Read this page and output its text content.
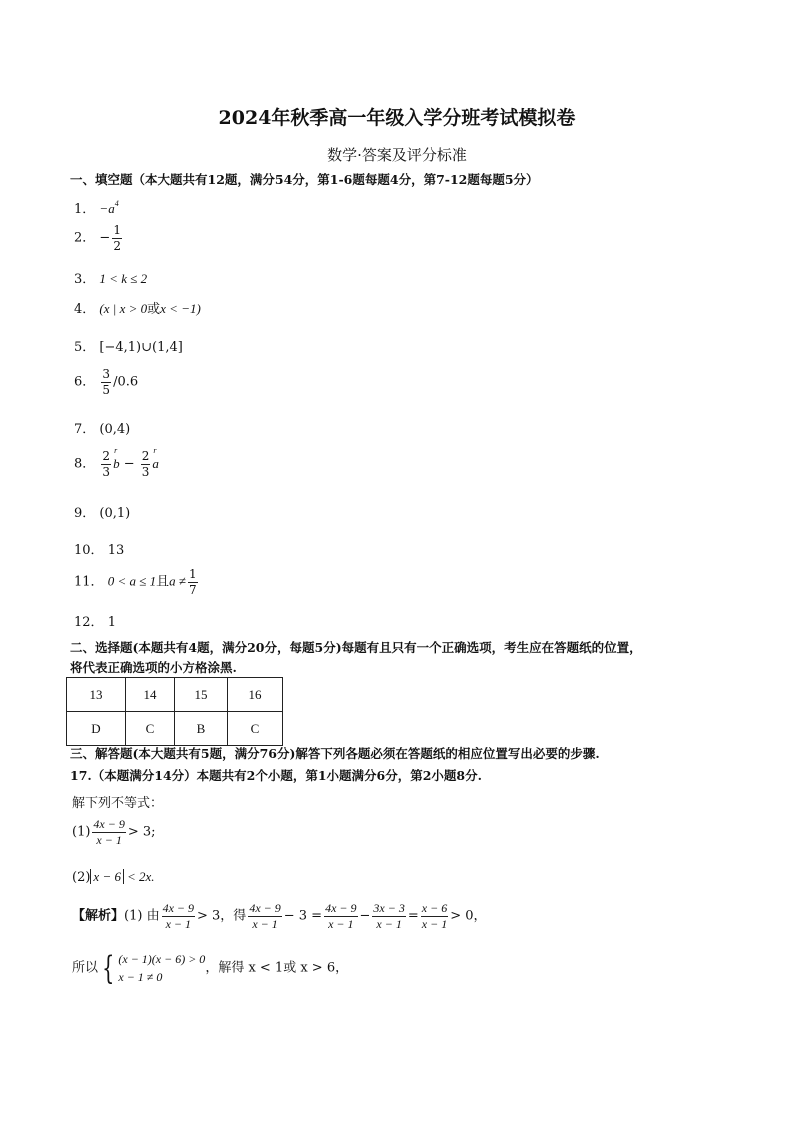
2024年秋季高一年级入学分班考试模拟卷
数学·答案及评分标准
一、填空题（本大题共有12题，满分54分，第1-6题每题4分，第7-12题每题5分）
1． $-a^4$
2． − $\frac{1}{2}$
3． 1 < k ≤ 2
4． (x | x > 0或x < −1)
5． [−4,1)∪(1,4]
6． $\frac{3}{5} /0.6$
7． (0,4)
8． $\frac{2}{3}$ r
$b - \frac{2}{3}$ r
a
9． (0,1)
10． 13
11． 0 < a ≤ 1且$a \ne \frac{1}{7}$
12． 1
二、选择题(本题共有4题，满分20分，每题5分)每题有且只有一个正确选项，考生应在答题纸的位置，
将代表正确选项的小方格涂黑.
13	14	15	16
D	C	B	C
三、解答题(本大题共有5题，满分76分)解答下列各题必须在答题纸的相应位置写出必要的步骤.
17.（本题满分14分）本题共有2个小题，第1小题满分6分，第2小题8分.
解下列不等式：
$(1) \frac{4x - 9}{x - 1} > 3$;
(2) x − 6 < 2x.
【解析】(1) 由 $\frac{4x - 9}{x - 1} > 3$，得 $\frac{4x - 9}{x - 1} - 3 = \frac{4x - 9}{x - 1} - \frac{3x - 3}{x - 1} = \frac{x - 6}{x - 1} > 0$，
所以 { (x − 1)(x − 6) > 0
x − 1 ≠ 0
，解得 x < 1或 x > 6，
